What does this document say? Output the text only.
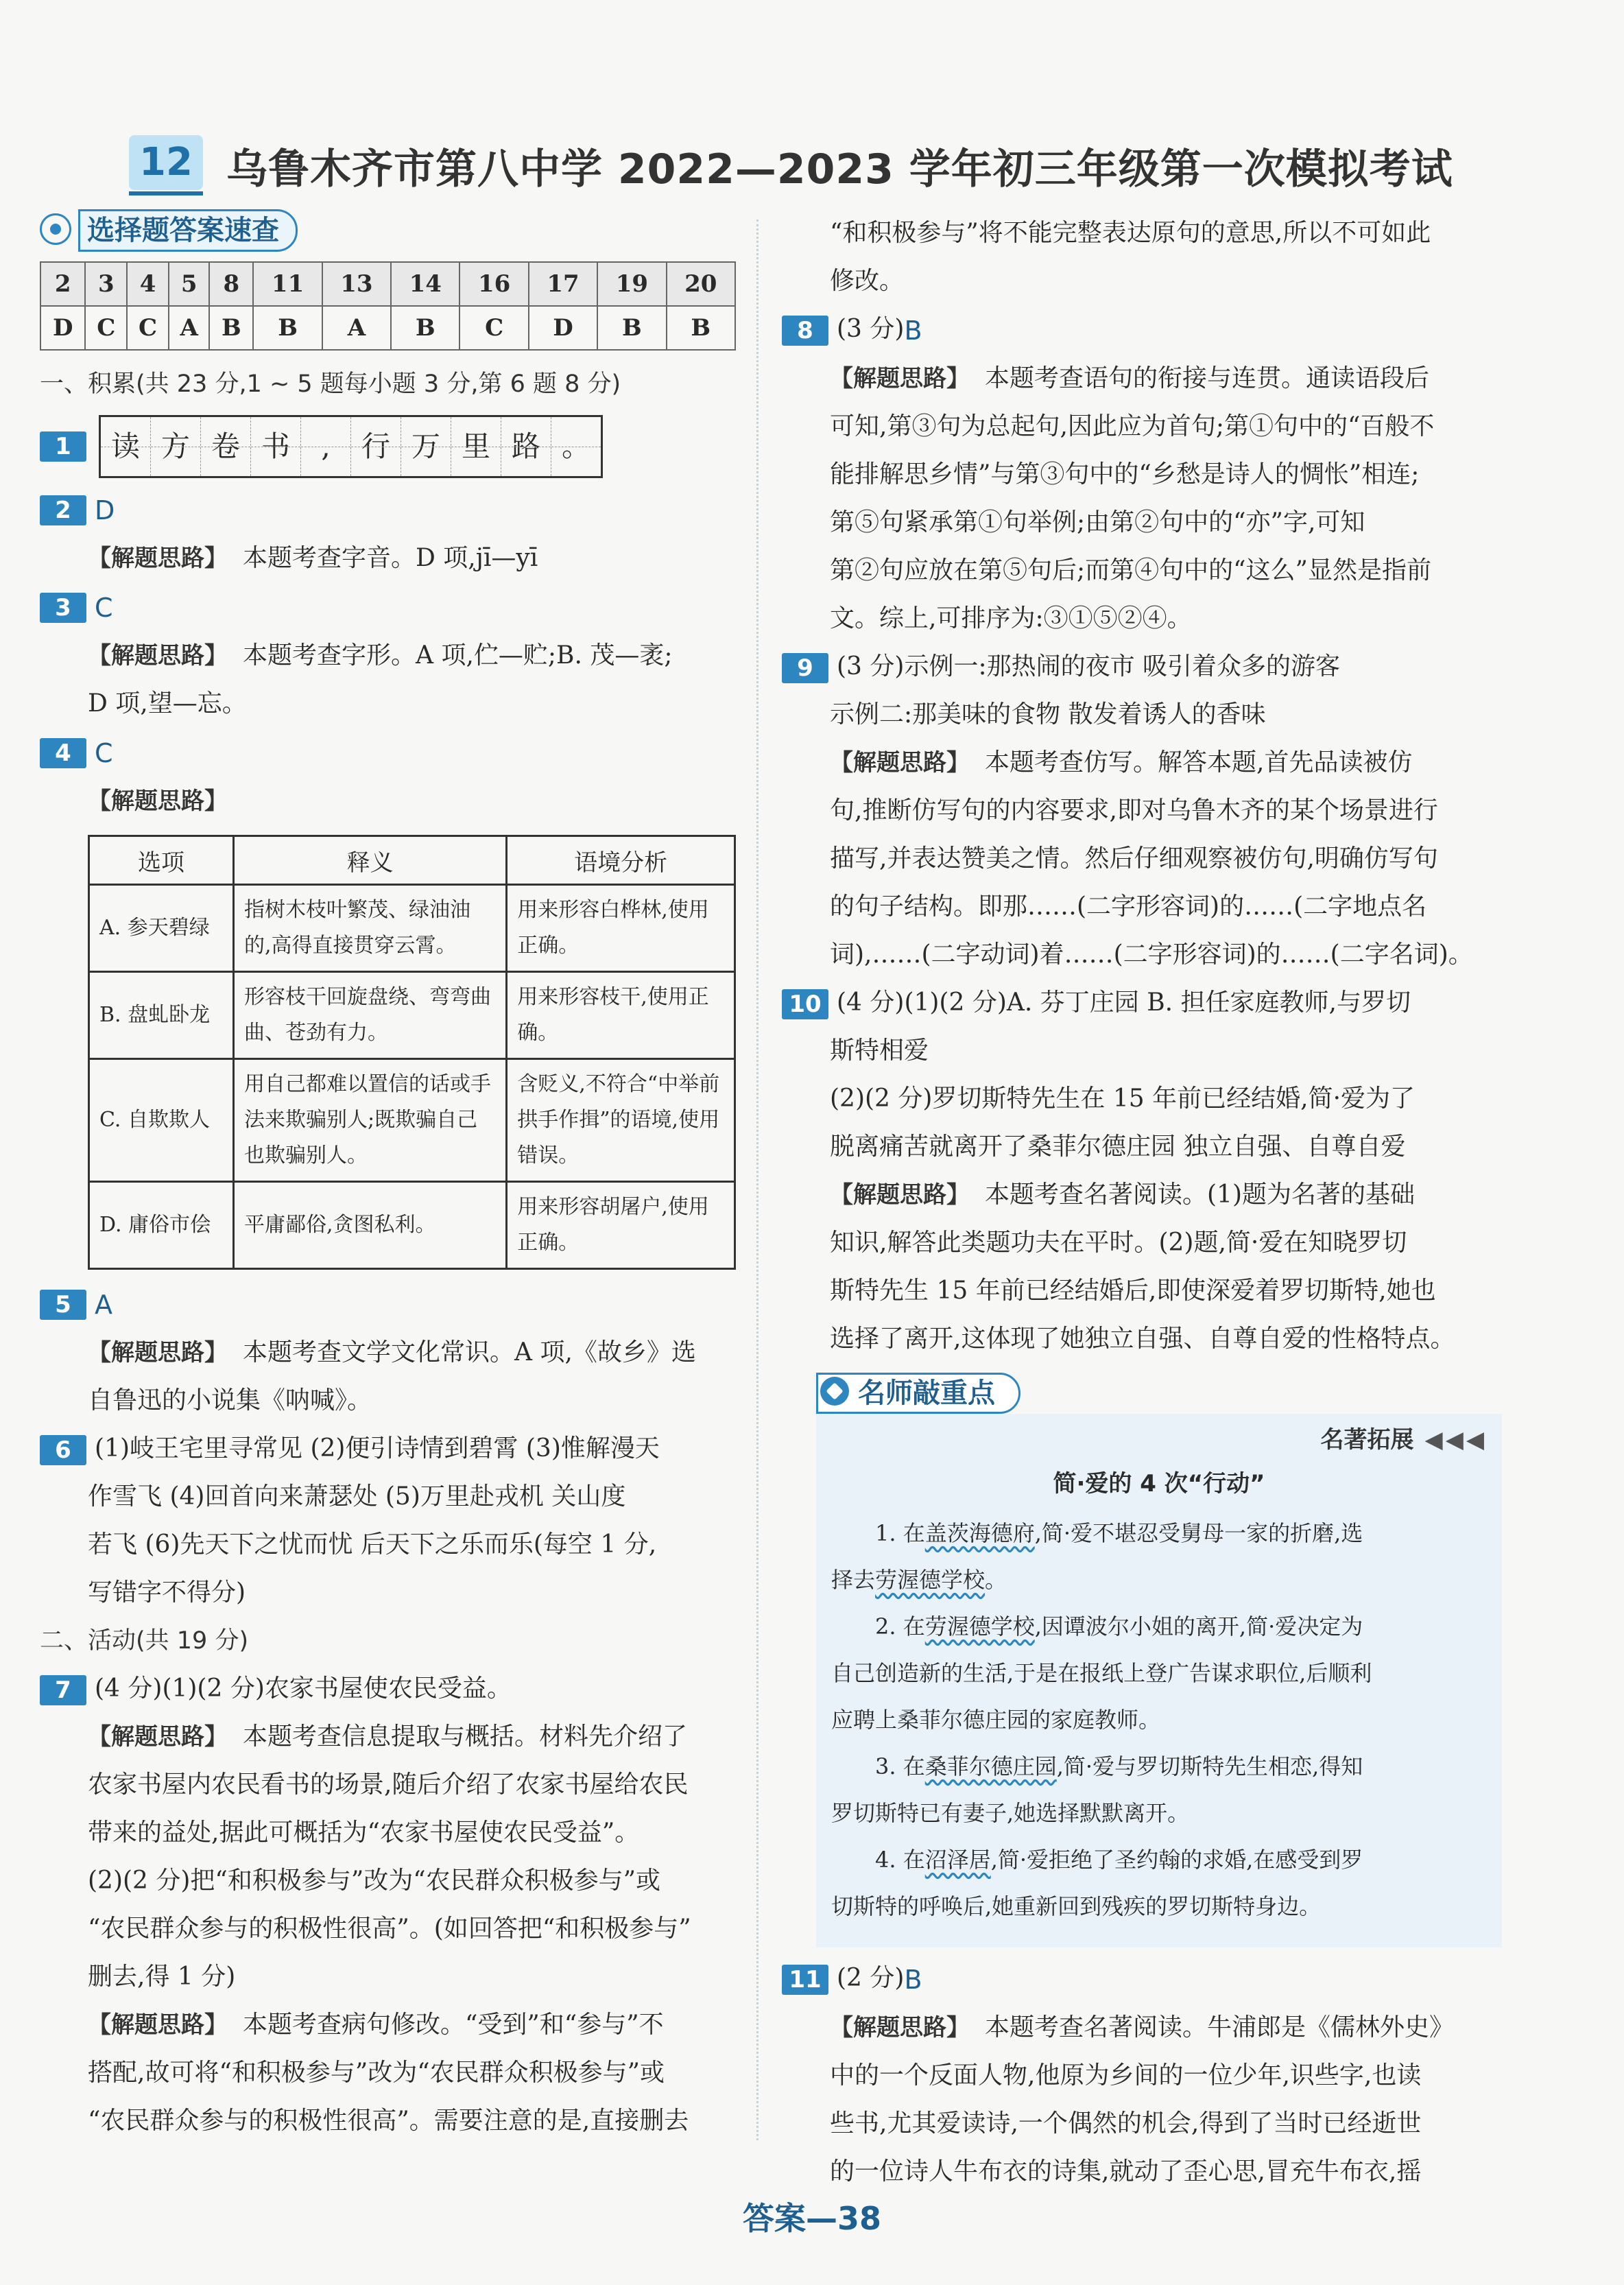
12 乌鲁木齐市第八中学 2022—2023 学年初三年级第一次模拟考试
选择题答案速查
2	3	4	5	8	11	13	14	16	17	19	20
D	C	C	A	B	B	A	B	C	D	B	B

一、积累(共 23 分,1 ~ 5 题每小题 3 分,第 6 题 8 分)

1	读 方 卷 书	,	行 万 里 路 。

2 D

【解题思路】 本题考查字音。D 项,jī—yī

3 C

【解题思路】 本题考查字形。A 项,伫—贮;B. 茂—袤;

D 项,望—忘。

4 C

【解题思路】

选项	释义	语境分析
A. 参天碧绿	指树木枝叶繁茂、绿油油的,高得直接贯穿云霄。	用来形容白桦林,使用正确。
B. 盘虬卧龙	形容枝干回旋盘绕、弯弯曲曲、苍劲有力。	用来形容枝干,使用正确。
C. 自欺欺人	用自己都难以置信的话或手法来欺骗别人;既欺骗自己也欺骗别人。	含贬义,不符合“中举前拱手作揖”的语境,使用错误。
D. 庸俗市侩	平庸鄙俗,贪图私利。	用来形容胡屠户,使用正确。

5 A

【解题思路】 本题考查文学文化常识。A 项,《故乡》选

自鲁迅的小说集《呐喊》。

6 (1)岐王宅里寻常见 (2)便引诗情到碧霄 (3)惟解漫天

作雪飞 (4)回首向来萧瑟处 (5)万里赴戎机 关山度

若飞 (6)先天下之忧而忧 后天下之乐而乐(每空 1 分,

写错字不得分)

二、活动(共 19 分)

7 (4 分)(1)(2 分)农家书屋使农民受益。

【解题思路】 本题考查信息提取与概括。材料先介绍了

农家书屋内农民看书的场景,随后介绍了农家书屋给农民

带来的益处,据此可概括为“农家书屋使农民受益”。

(2)(2 分)把“和积极参与”改为“农民群众积极参与”或

“农民群众参与的积极性很高”。(如回答把“和积极参与”

删去,得 1 分)

【解题思路】 本题考查病句修改。“受到”和“参与”不

搭配,故可将“和积极参与”改为“农民群众积极参与”或

“农民群众参与的积极性很高”。需要注意的是,直接删去

“和积极参与”将不能完整表达原句的意思,所以不可如此

修改。

8 (3 分)B

【解题思路】 本题考查语句的衔接与连贯。通读语段后

可知,第③句为总起句,因此应为首句;第①句中的“百般不

能排解思乡情”与第③句中的“乡愁是诗人的惆怅”相连;

第⑤句紧承第①句举例;由第②句中的“亦”字,可知

第②句应放在第⑤句后;而第④句中的“这么”显然是指前

文。综上,可排序为:③①⑤②④。

9 (3 分)示例一:那热闹的夜市 吸引着众多的游客

示例二:那美味的食物 散发着诱人的香味

【解题思路】 本题考查仿写。解答本题,首先品读被仿

句,推断仿写句的内容要求,即对乌鲁木齐的某个场景进行

描写,并表达赞美之情。然后仔细观察被仿句,明确仿写句

的句子结构。即那……(二字形容词)的……(二字地点名

词),……(二字动词)着……(二字形容词)的……(二字名词)。

10 (4 分)(1)(2 分)A. 芬丁庄园 B. 担任家庭教师,与罗切

斯特相爱

(2)(2 分)罗切斯特先生在 15 年前已经结婚,简·爱为了

脱离痛苦就离开了桑菲尔德庄园 独立自强、自尊自爱

【解题思路】 本题考查名著阅读。(1)题为名著的基础

知识,解答此类题功夫在平时。(2)题,简·爱在知晓罗切

斯特先生 15 年前已经结婚后,即使深爱着罗切斯特,她也

选择了离开,这体现了她独立自强、自尊自爱的性格特点。

名师敲重点
名著拓展 ◀◀◀
简·爱的 4 次“行动”

1. 在盖茨海德府,简·爱不堪忍受舅母一家的折磨,选

择去劳渥德学校。

2. 在劳渥德学校,因谭波尔小姐的离开,简·爱决定为

自己创造新的生活,于是在报纸上登广告谋求职位,后顺利

应聘上桑菲尔德庄园的家庭教师。

3. 在桑菲尔德庄园,简·爱与罗切斯特先生相恋,得知

罗切斯特已有妻子,她选择默默离开。

4. 在沼泽居,简·爱拒绝了圣约翰的求婚,在感受到罗

切斯特的呼唤后,她重新回到残疾的罗切斯特身边。

11 (2 分)B

【解题思路】 本题考查名著阅读。牛浦郎是《儒林外史》

中的一个反面人物,他原为乡间的一位少年,识些字,也读

些书,尤其爱读诗,一个偶然的机会,得到了当时已经逝世

的一位诗人牛布衣的诗集,就动了歪心思,冒充牛布衣,摇

答案—38
